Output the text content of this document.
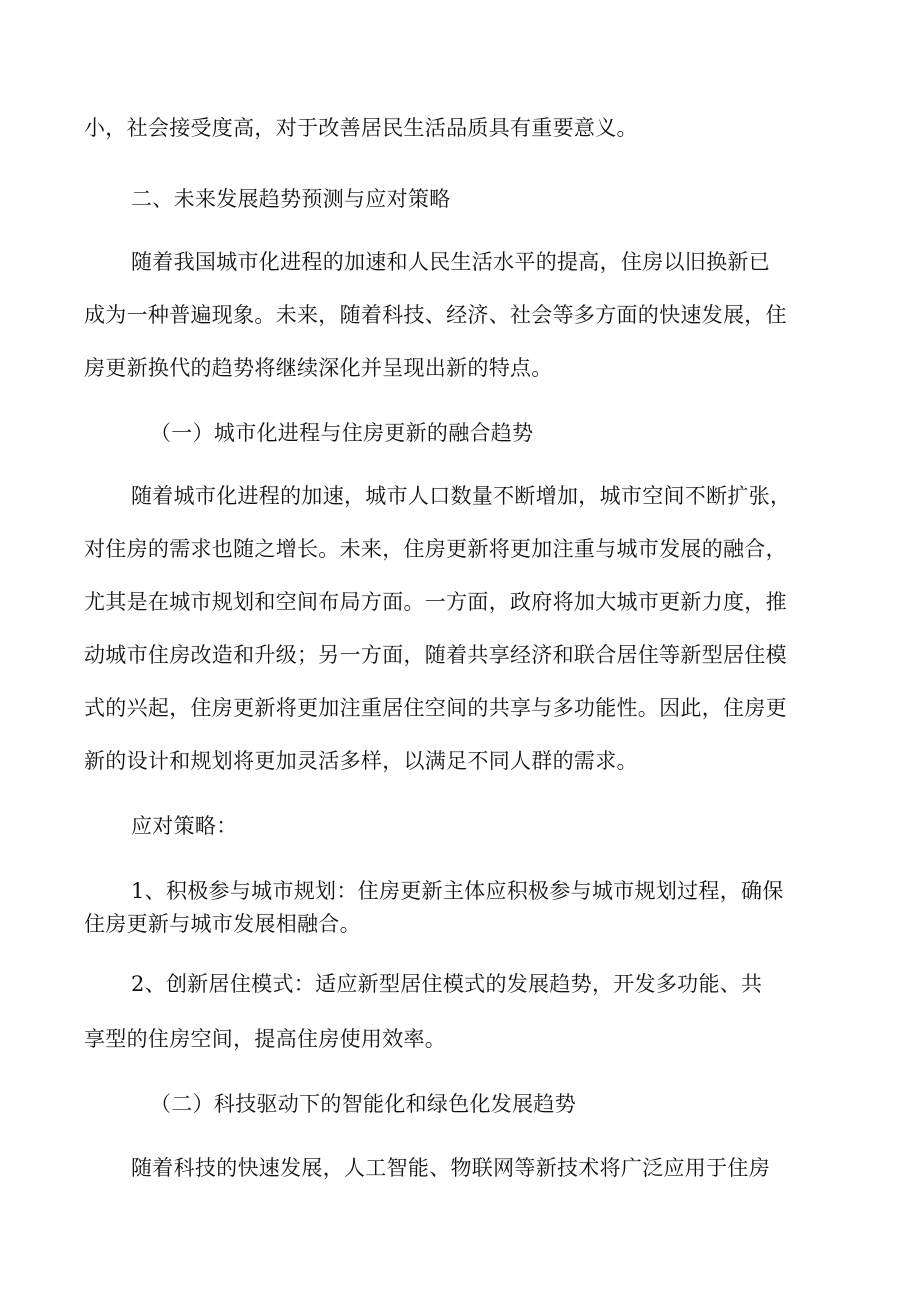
小，社会接受度高，对于改善居民生活品质具有重要意义。
二、未来发展趋势预测与应对策略
随着我国城市化进程的加速和人民生活水平的提高，住房以旧换新已
成为一种普遍现象。未来，随着科技、经济、社会等多方面的快速发展，住
房更新换代的趋势将继续深化并呈现出新的特点。
（一）城市化进程与住房更新的融合趋势
随着城市化进程的加速，城市人口数量不断增加，城市空间不断扩张，
对住房的需求也随之增长。未来，住房更新将更加注重与城市发展的融合，
尤其是在城市规划和空间布局方面。一方面，政府将加大城市更新力度，推
动城市住房改造和升级；另一方面，随着共享经济和联合居住等新型居住模
式的兴起，住房更新将更加注重居住空间的共享与多功能性。因此，住房更
新的设计和规划将更加灵活多样，以满足不同人群的需求。
应对策略：
1、积极参与城市规划：住房更新主体应积极参与城市规划过程，确保
住房更新与城市发展相融合。
2、创新居住模式：适应新型居住模式的发展趋势，开发多功能、共
享型的住房空间，提高住房使用效率。
（二）科技驱动下的智能化和绿色化发展趋势
随着科技的快速发展，人工智能、物联网等新技术将广泛应用于住房
